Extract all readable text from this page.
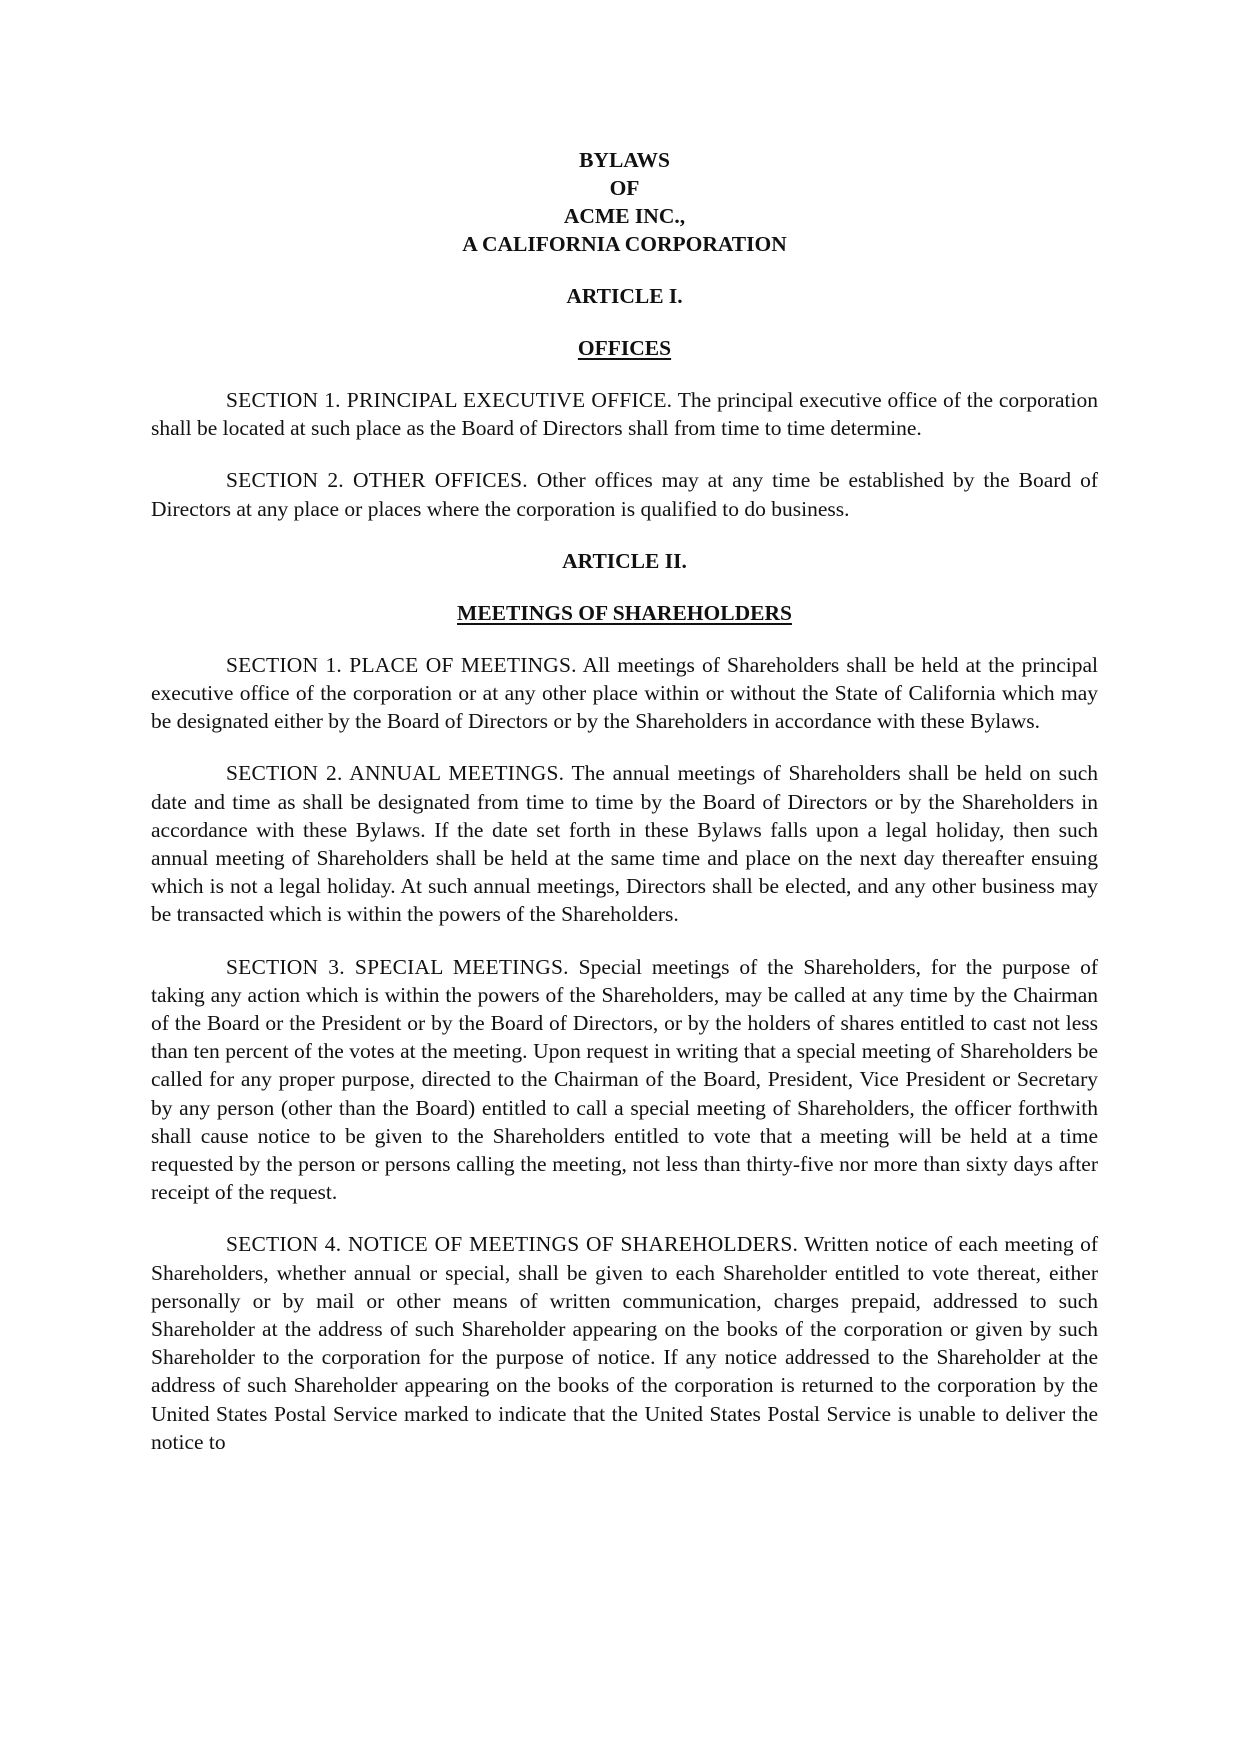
BYLAWS
OF
ACME INC.,
A CALIFORNIA CORPORATION
ARTICLE I.
OFFICES

SECTION 1. PRINCIPAL EXECUTIVE OFFICE. The principal executive office of the corporation shall be located at such place as the Board of Directors shall from time to time determine.

SECTION 2. OTHER OFFICES. Other offices may at any time be established by the Board of Directors at any place or places where the corporation is qualified to do business.

ARTICLE II.
MEETINGS OF SHAREHOLDERS

SECTION 1. PLACE OF MEETINGS. All meetings of Shareholders shall be held at the principal executive office of the corporation or at any other place within or without the State of California which may be designated either by the Board of Directors or by the Shareholders in accordance with these Bylaws.

SECTION 2. ANNUAL MEETINGS. The annual meetings of Shareholders shall be held on such date and time as shall be designated from time to time by the Board of Directors or by the Shareholders in accordance with these Bylaws. If the date set forth in these Bylaws falls upon a legal holiday, then such annual meeting of Shareholders shall be held at the same time and place on the next day thereafter ensuing which is not a legal holiday. At such annual meetings, Directors shall be elected, and any other business may be transacted which is within the powers of the Shareholders.

SECTION 3. SPECIAL MEETINGS. Special meetings of the Shareholders, for the purpose of taking any action which is within the powers of the Shareholders, may be called at any time by the Chairman of the Board or the President or by the Board of Directors, or by the holders of shares entitled to cast not less than ten percent of the votes at the meeting. Upon request in writing that a special meeting of Shareholders be called for any proper purpose, directed to the Chairman of the Board, President, Vice President or Secretary by any person (other than the Board) entitled to call a special meeting of Shareholders, the officer forthwith shall cause notice to be given to the Shareholders entitled to vote that a meeting will be held at a time requested by the person or persons calling the meeting, not less than thirty-five nor more than sixty days after receipt of the request.

SECTION 4. NOTICE OF MEETINGS OF SHAREHOLDERS. Written notice of each meeting of Shareholders, whether annual or special, shall be given to each Shareholder entitled to vote thereat, either personally or by mail or other means of written communication, charges prepaid, addressed to such Shareholder at the address of such Shareholder appearing on the books of the corporation or given by such Shareholder to the corporation for the purpose of notice. If any notice addressed to the Shareholder at the address of such Shareholder appearing on the books of the corporation is returned to the corporation by the United States Postal Service marked to indicate that the United States Postal Service is unable to deliver the notice to
